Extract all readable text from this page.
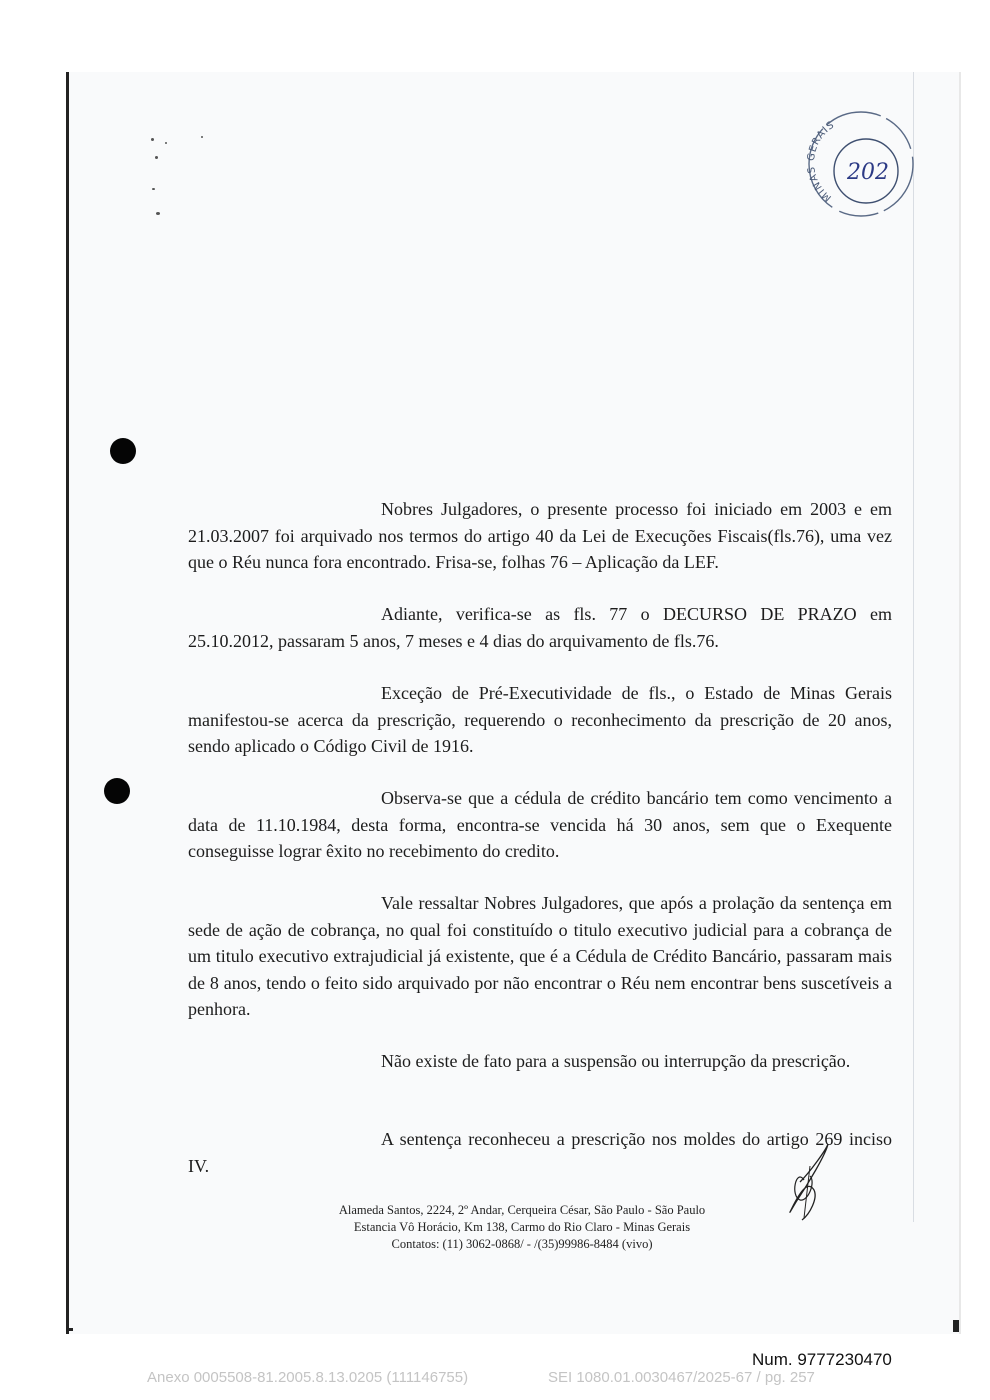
MINAS GERAIS
202

Nobres Julgadores, o presente processo foi iniciado em 2003 e em 21.03.2007 foi arquivado nos termos do artigo 40 da Lei de Execuções Fiscais(fls.76), uma vez que o Réu nunca fora encontrado. Frisa-se, folhas 76 – Aplicação da LEF.

Adiante, verifica-se as fls. 77 o DECURSO DE PRAZO em 25.10.2012, passaram 5 anos, 7 meses e 4 dias do arquivamento de fls.76.

Exceção de Pré-Executividade de fls., o Estado de Minas Gerais manifestou-se acerca da prescrição, requerendo o reconhecimento da prescrição de 20 anos, sendo aplicado o Código Civil de 1916.

Observa-se que a cédula de crédito bancário tem como vencimento a data de 11.10.1984, desta forma, encontra-se vencida há 30 anos, sem que o Exequente conseguisse lograr êxito no recebimento do credito.

Vale ressaltar Nobres Julgadores, que após a prolação da sentença em sede de ação de cobrança, no qual foi constituído o titulo executivo judicial para a cobrança de um titulo executivo extrajudicial já existente, que é a Cédula de Crédito Bancário, passaram mais de 8 anos, tendo o feito sido arquivado por não encontrar o Réu nem encontrar bens suscetíveis a penhora.

Não existe de fato para a suspensão ou interrupção da prescrição.

A sentença reconheceu a prescrição nos moldes do artigo 269 inciso IV.

Alameda Santos, 2224, 2º Andar, Cerqueira César, São Paulo - São Paulo
Estancia Vô Horácio, Km 138, Carmo do Rio Claro - Minas Gerais
Contatos: (11) 3062-0868/ - /(35)99986-8484 (vivo)
Num. 9777230470
Anexo 0005508-81.2005.8.13.0205 (111146755)	SEI 1080.01.0030467/2025-67 / pg. 257
